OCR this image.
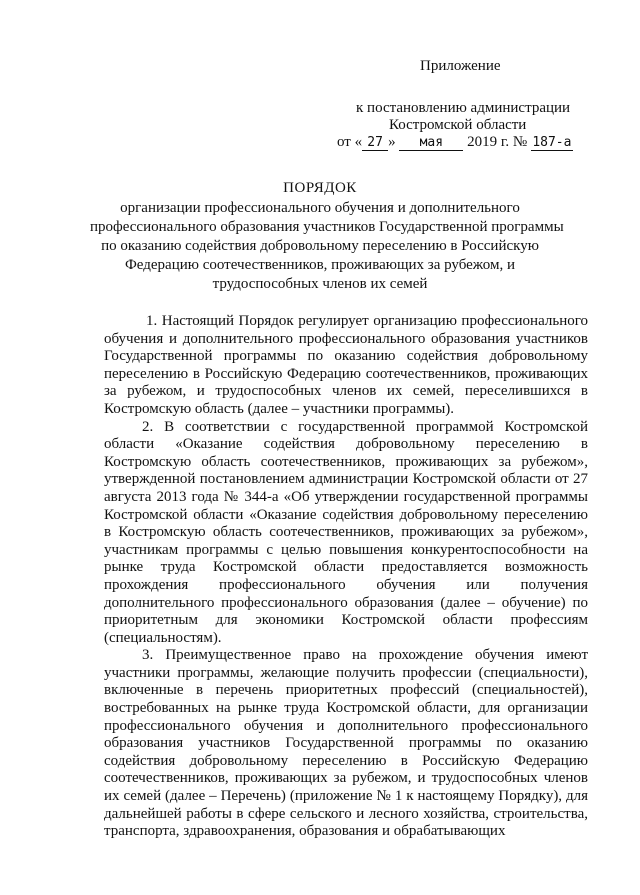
Приложение
к постановлению администрации
Костромской области
от « 27 » мая 2019 г. № 187-а
ПОРЯДОК
организации профессионального обучения и дополнительного
профессионального образования участников Государственной программы
по оказанию содействия добровольному переселению в Российскую
Федерацию соотечественников, проживающих за рубежом, и
трудоспособных членов их семей

1. Настоящий Порядок регулирует организацию профессионального обучения и дополнительного профессионального образования участников Государственной программы по оказанию содействия добровольному переселению в Российскую Федерацию соотечественников, проживающих за рубежом, и трудоспособных членов их семей, переселившихся в Костромскую область (далее – участники программы).

2. В соответствии с государственной программой Костромской области «Оказание содействия добровольному переселению в Костромскую область соотечественников, проживающих за рубежом», утвержденной постановлением администрации Костромской области от 27 августа 2013 года № 344-а «Об утверждении государственной программы Костромской области «Оказание содействия добровольному переселению в Костромскую область соотечественников, проживающих за рубежом», участникам программы с целью повышения конкурентоспособности на рынке труда Костромской области предоставляется возможность прохождения профессионального обучения или получения дополнительного профессионального образования (далее – обучение) по приоритетным для экономики Костромской области профессиям (специальностям).

3. Преимущественное право на прохождение обучения имеют участники программы, желающие получить профессии (специальности), включенные в перечень приоритетных профессий (специальностей), востребованных на рынке труда Костромской области, для организации профессионального обучения и дополнительного профессионального образования участников Государственной программы по оказанию содействия добровольному переселению в Российскую Федерацию соотечественников, проживающих за рубежом, и трудоспособных членов их семей (далее – Перечень) (приложение № 1 к настоящему Порядку), для дальнейшей работы в сфере сельского и лесного хозяйства, строительства, транспорта, здравоохранения, образования и обрабатывающих
